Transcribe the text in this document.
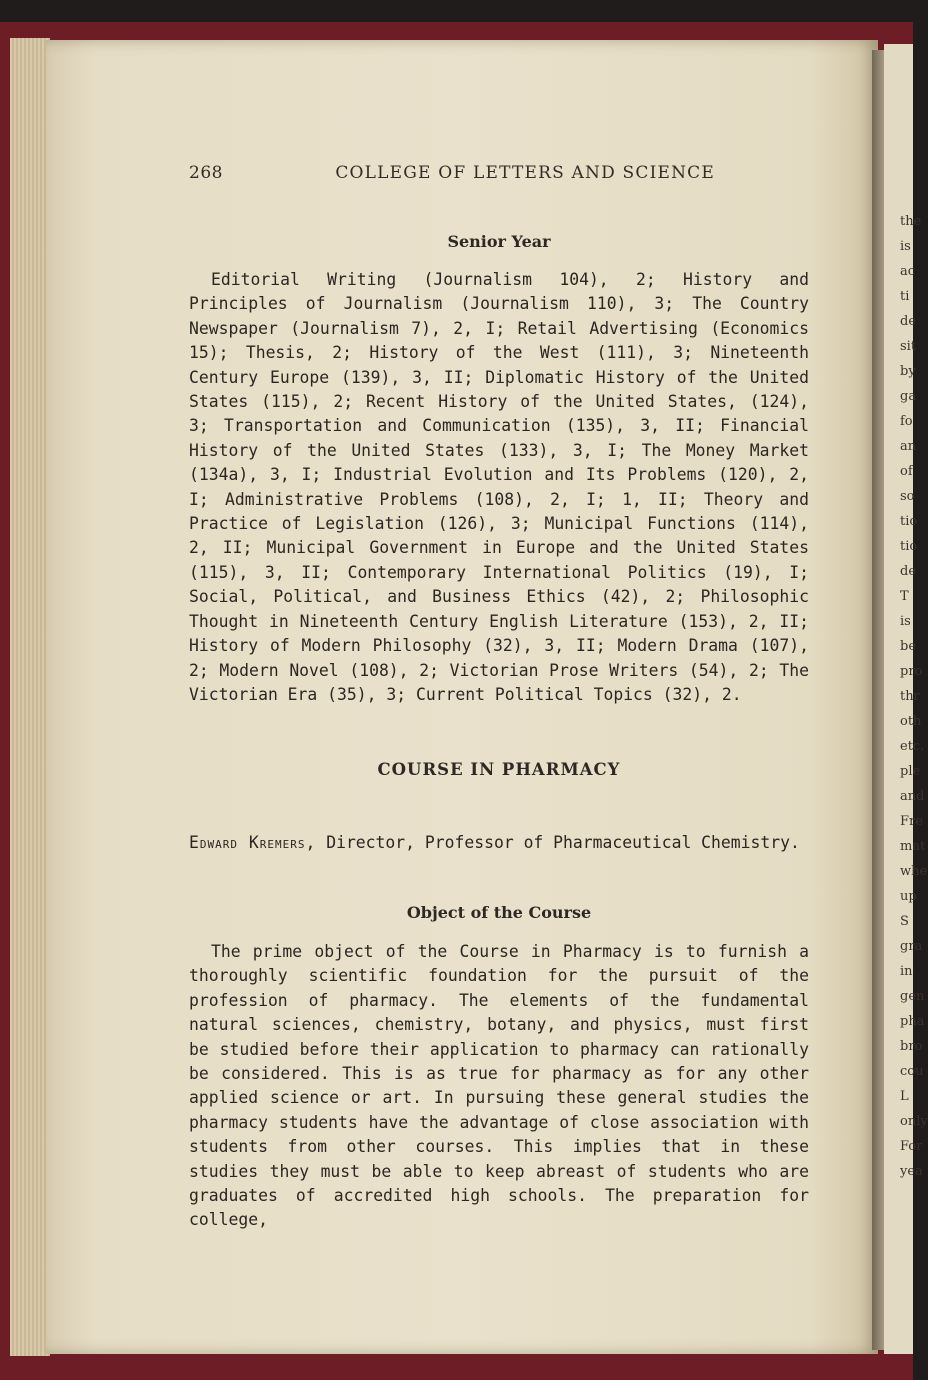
the
is
ac
ti
de
sit
by
ga
fo
an
of
so
tio
tio
de
T
is
be
pro
thr
oth
etc.
ple
and
Fre
mat
whe
up
S
gra
in
gen
pha
bro
cou
L
only
For
yea
268	COLLEGE OF LETTERS AND SCIENCE
Senior Year

Editorial Writing (Journalism 104), 2; History and Principles of Journalism (Journalism 110), 3; The Country Newspaper (Journalism 7), 2, I; Retail Advertising (Economics 15); Thesis, 2; History of the West (111), 3; Nineteenth Century Europe (139), 3, II; Diplomatic History of the United States (115), 2; Recent History of the United States, (124), 3; Transportation and Communication (135), 3, II; Financial History of the United States (133), 3, I; The Money Market (134a), 3, I; Industrial Evolution and Its Problems (120), 2, I; Administrative Problems (108), 2, I; 1, II; Theory and Practice of Legislation (126), 3; Municipal Functions (114), 2, II; Municipal Government in Europe and the United States (115), 3, II; Contemporary International Politics (19), I; Social, Political, and Business Ethics (42), 2; Philosophic Thought in Nineteenth Century English Literature (153), 2, II; History of Modern Philosophy (32), 3, II; Modern Drama (107), 2; Modern Novel (108), 2; Victorian Prose Writers (54), 2; The Victorian Era (35), 3; Current Political Topics (32), 2.

COURSE IN PHARMACY

Edward Kremers, Director, Professor of Pharmaceutical Chemistry.

Object of the Course

The prime object of the Course in Pharmacy is to furnish a thoroughly scientific foundation for the pursuit of the profession of pharmacy. The elements of the fundamental natural sciences, chemistry, botany, and physics, must first be studied before their application to pharmacy can rationally be considered. This is as true for pharmacy as for any other applied science or art. In pursuing these general studies the pharmacy students have the advantage of close association with students from other courses. This implies that in these studies they must be able to keep abreast of students who are graduates of accredited high schools. The preparation for college,
